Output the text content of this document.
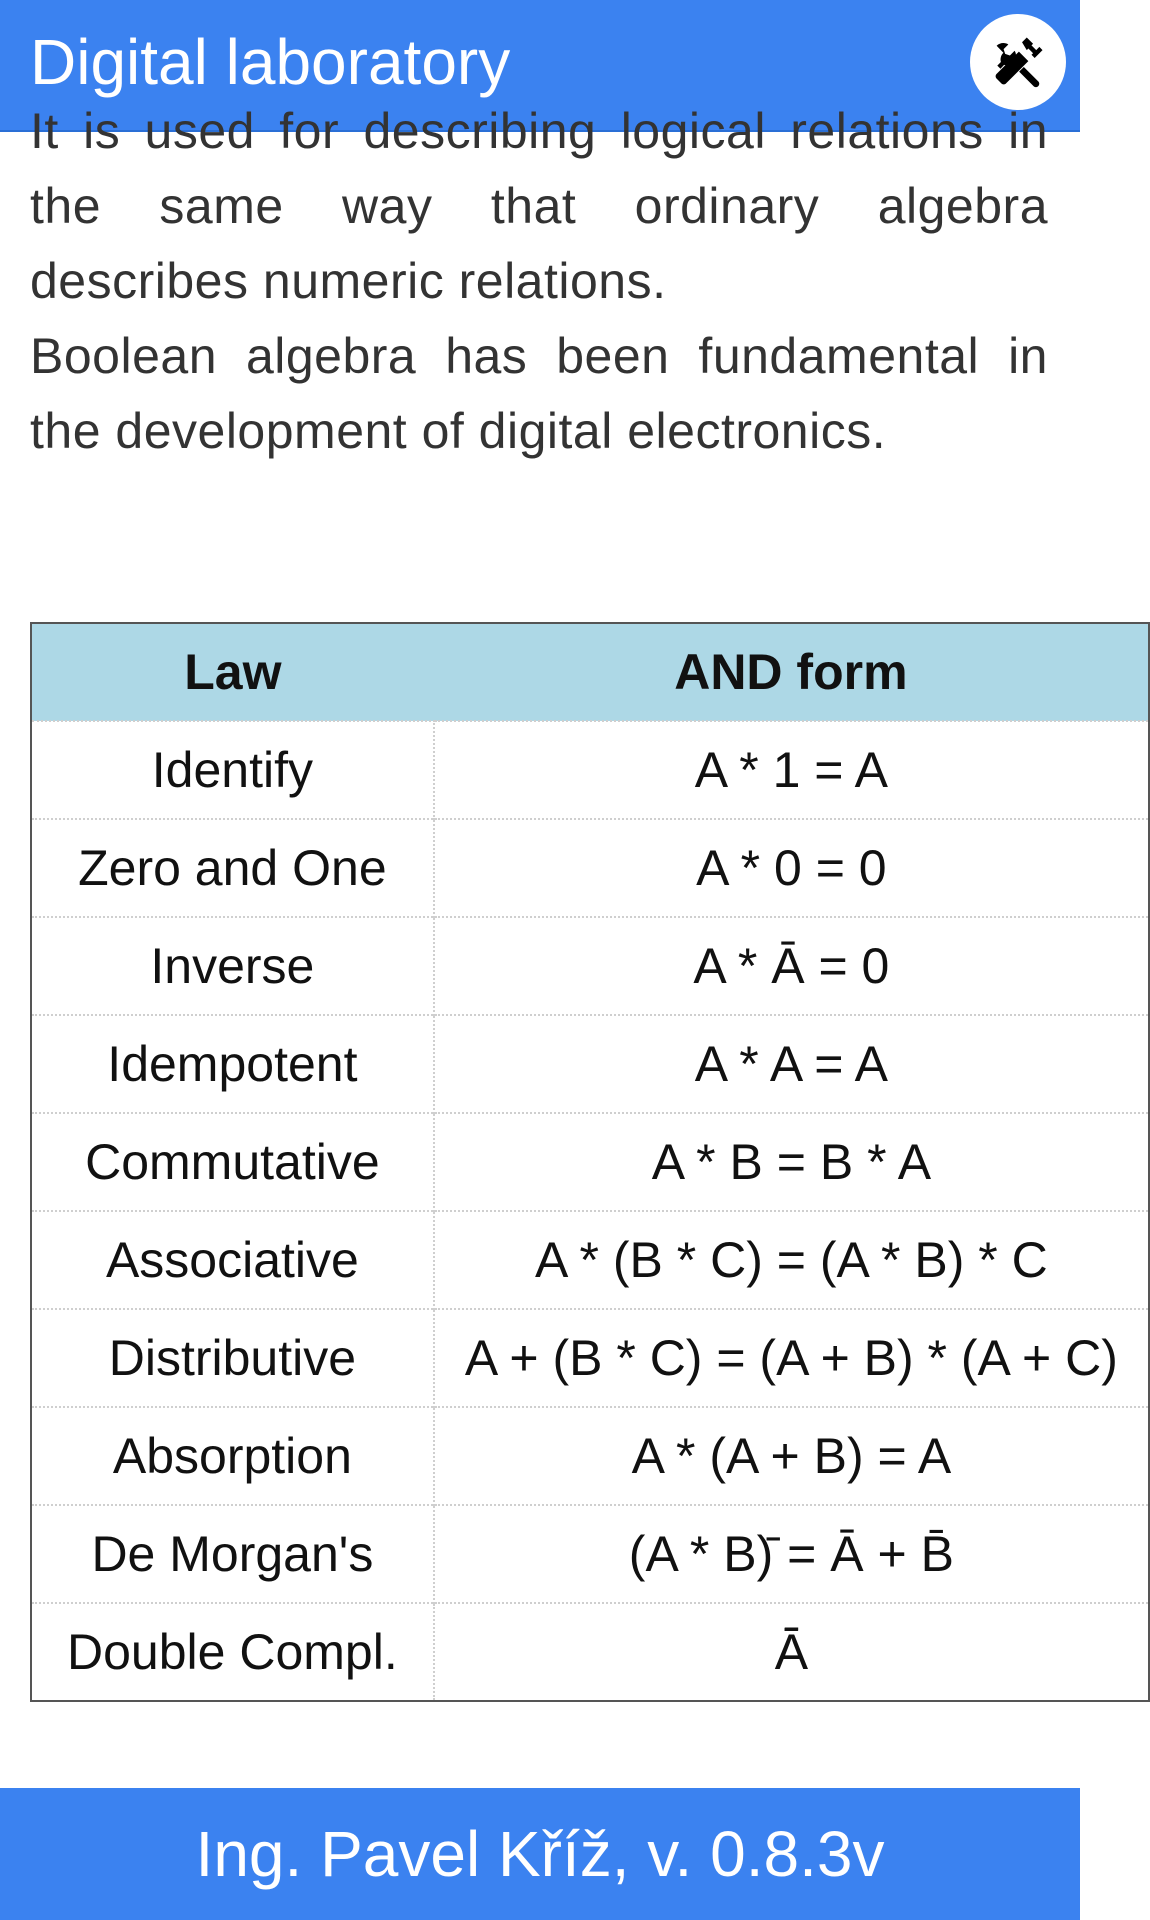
Digital laboratory

It is used for describing logical relations in the same way that ordinary algebra describes numeric relations.

Boolean algebra has been fundamental in the development of digital electronics.

Law	AND form
Identify	A * 1 = A
Zero and One	A * 0 = 0
Inverse	A * Ā = 0
Idempotent	A * A = A
Commutative	A * B = B * A
Associative	A * (B * C) = (A * B) * C
Distributive	A + (B * C) = (A + B) * (A + C)
Absorption	A * (A + B) = A
De Morgan's	(A * B)̄ = Ā + B̄
Double Compl.	Ā̄
Ing. Pavel Kříž, v. 0.8.3v
